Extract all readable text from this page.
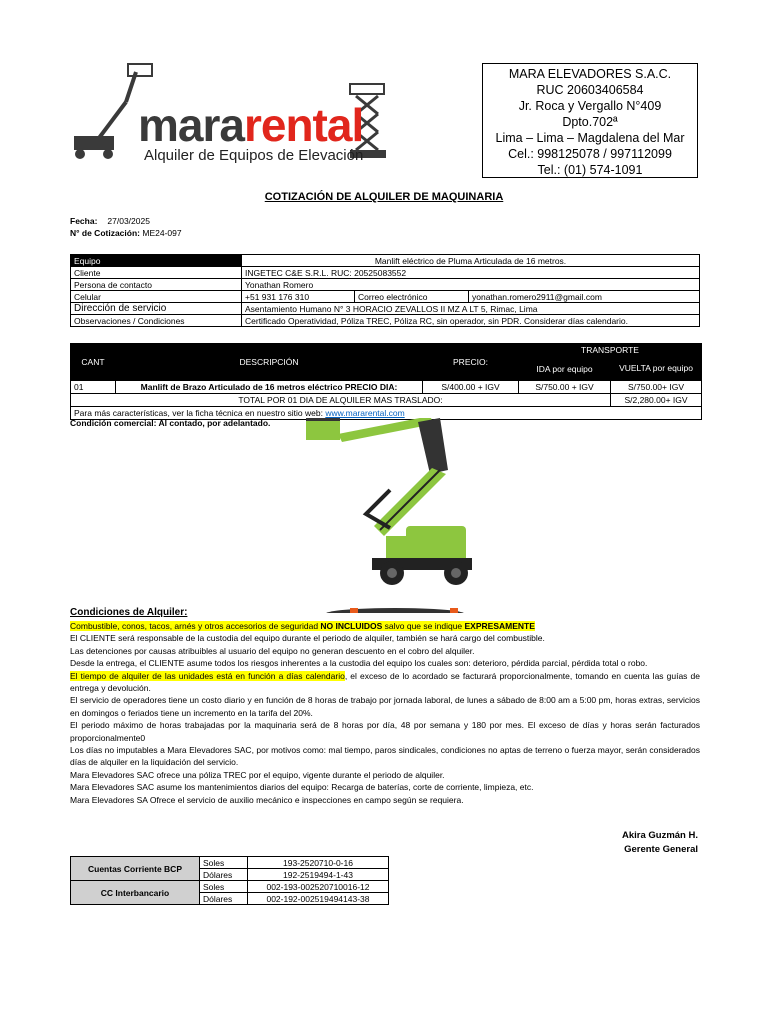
mararental
Alquiler de Equipos de Elevación
MARA ELEVADORES S.A.C.
RUC 20603406584
Jr. Roca y Vergallo N°409
Dpto.702ª
Lima – Lima – Magdalena del Mar
Cel.: 998125078 / 997112099
Tel.: (01) 574-1091
COTIZACIÓN DE ALQUILER DE MAQUINARIA
Fecha: 27/03/2025
N° de Cotización: ME24-097
Equipo	Manlift eléctrico de Pluma Articulada de 16 metros.		
Cliente	INGETEC C&E S.R.L. RUC: 20525083552		
Persona de contacto	Yonathan Romero		
Celular	+51 931 176 310	Correo electrónico	yonathan.romero2911@gmail.com
Dirección de servicio	Asentamiento Humano N° 3 HORACIO ZEVALLOS II MZ A LT 5, Rimac, Lima		
Observaciones / Condiciones	Certificado Operatividad, Póliza TREC, Póliza RC, sin operador, sin PDR. Considerar días calendario.		
CANT	DESCRIPCIÓN	PRECIO:	TRANSPORTE	
			IDA por equipo	VUELTA por equipo
01	Manlift de Brazo Articulado de 16 metros eléctrico PRECIO DIA:	S/400.00 + IGV	S/750.00 + IGV	S/750.00+ IGV
TOTAL POR 01 DIA DE ALQUILER MAS TRASLADO:				S/2,280.00+ IGV
Para más características, ver la ficha técnica en nuestro sitio web: www.mararental.com				
Condición comercial: Al contado, por adelantado.
Condiciones de Alquiler:

Combustible, conos, tacos, arnés y otros accesorios de seguridad NO INCLUIDOS salvo que se indique EXPRESAMENTE

El CLIENTE será responsable de la custodia del equipo durante el periodo de alquiler, también se hará cargo del combustible.

Las detenciones por causas atribuibles al usuario del equipo no generan descuento en el cobro del alquiler.

Desde la entrega, el CLIENTE asume todos los riesgos inherentes a la custodia del equipo los cuales son: deterioro, pérdida parcial, pérdida total o robo.

El tiempo de alquiler de las unidades está en función a días calendario, el exceso de lo acordado se facturará proporcionalmente, tomando en cuenta las guías de entrega y devolución.

El servicio de operadores tiene un costo diario y en función de 8 horas de trabajo por jornada laboral, de lunes a sábado de 8:00 am a 5:00 pm, horas extras, servicios en domingos o feriados tiene un incremento en la tarifa del 20%.

El periodo máximo de horas trabajadas por la maquinaria será de 8 horas por día, 48 por semana y 180 por mes. El exceso de días y horas serán facturados proporcionalmente0

Los días no imputables a Mara Elevadores SAC, por motivos como: mal tiempo, paros sindicales, condiciones no aptas de terreno o fuerza mayor, serán considerados días de alquiler en la liquidación del servicio.

Mara Elevadores SAC ofrece una póliza TREC por el equipo, vigente durante el periodo de alquiler.

Mara Elevadores SAC asume los mantenimientos diarios del equipo: Recarga de baterías, corte de corriente, limpieza, etc.

Mara Elevadores SA Ofrece el servicio de auxilio mecánico e inspecciones en campo según se requiera.

Akira Guzmán H.
Gerente General
Cuentas Corriente BCP	Soles	193-2520710-0-16
	Dólares	192-2519494-1-43
CC Interbancario	Soles	002-193-002520710016-12
	Dólares	002-192-002519494143-38
